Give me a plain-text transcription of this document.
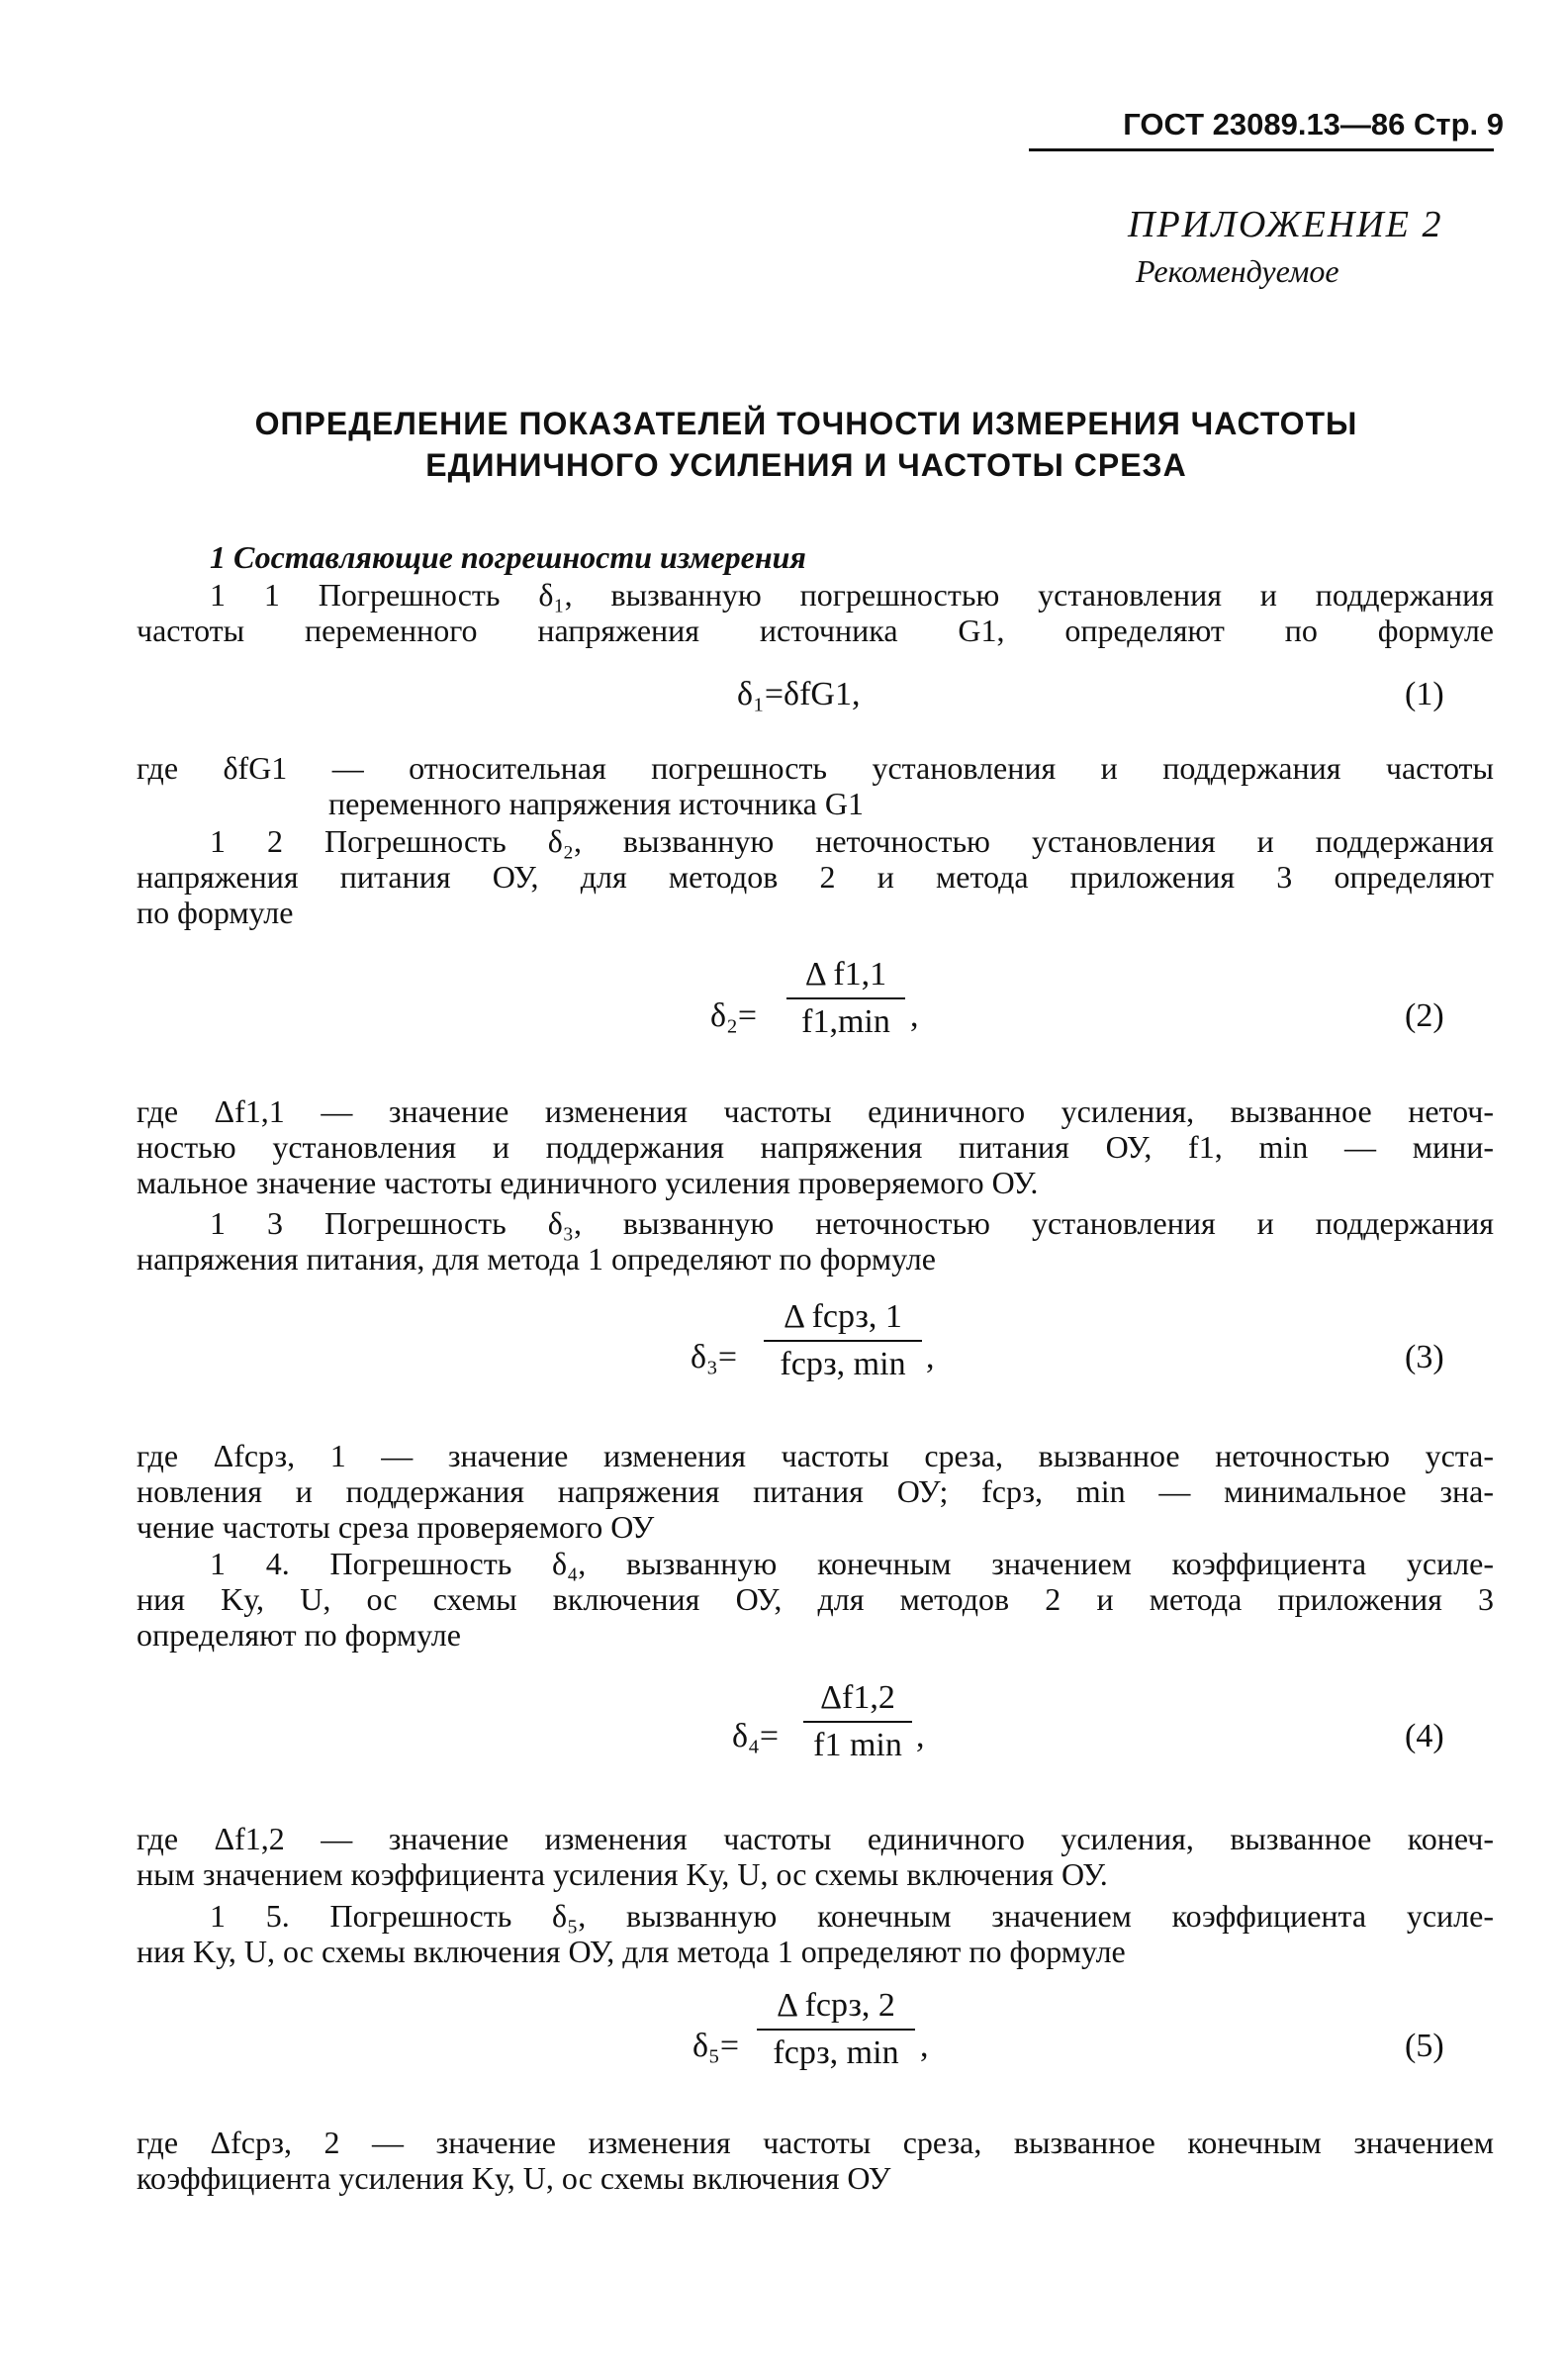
ГОСТ 23089.13—86 Стр. 9
ПРИЛОЖЕНИЕ 2
Рекомендуемое
ОПРЕДЕЛЕНИЕ ПОКАЗАТЕЛЕЙ ТОЧНОСТИ ИЗМЕРЕНИЯ ЧАСТОТЫ
ЕДИНИЧНОГО УСИЛЕНИЯ И ЧАСТОТЫ СРЕЗА
1 Составляющие погрешности измерения
1 1 Погрешность δ₁, вызванную погрешностью установления и поддержания
частоты переменного напряжения источника G1, определяют по формуле
δ₁=δfG1,	(1)
где δfG1 — относительная погрешность установления и поддержания частоты
переменного напряжения источника G1
1 2 Погрешность δ₂, вызванную неточностью установления и поддержания
напряжения питания ОУ, для методов 2 и метода приложения 3 определяют
по формуле
δ₂=
Δ f1,1
f1,min ,	(2)
где Δf1,1 — значение изменения частоты единичного усиления, вызванное неточ-
ностью установления и поддержания напряжения питания ОУ, f1, min — мини-
мальное значение частоты единичного усиления проверяемого ОУ.
1 3 Погрешность δ₃, вызванную неточностью установления и поддержания
напряжения питания, для метода 1 определяют по формуле
δ₃=
Δ fсрз, 1
fсрз, min ,	(3)
где Δfсрз, 1 — значение изменения частоты среза, вызванное неточностью уста-
новления и поддержания напряжения питания ОУ; fсрз, min — минимальное зна-
чение частоты среза проверяемого ОУ
1 4. Погрешность δ₄, вызванную конечным значением коэффициента усиле-
ния Kу, U, ос схемы включения ОУ, для методов 2 и метода приложения 3
определяют по формуле
δ₄=
Δf1,2
f1 min ,	(4)
где Δf1,2 — значение изменения частоты единичного усиления, вызванное конеч-
ным значением коэффициента усиления Kу, U, ос схемы включения ОУ.
1 5. Погрешность δ₅, вызванную конечным значением коэффициента усиле-
ния Kу, U, ос схемы включения ОУ, для метода 1 определяют по формуле
δ₅=
Δ fсрз, 2
fсрз, min ,	(5)
где Δfсрз, 2 — значение изменения частоты среза, вызванное конечным значением
коэффициента усиления Kу, U, ос схемы включения ОУ
